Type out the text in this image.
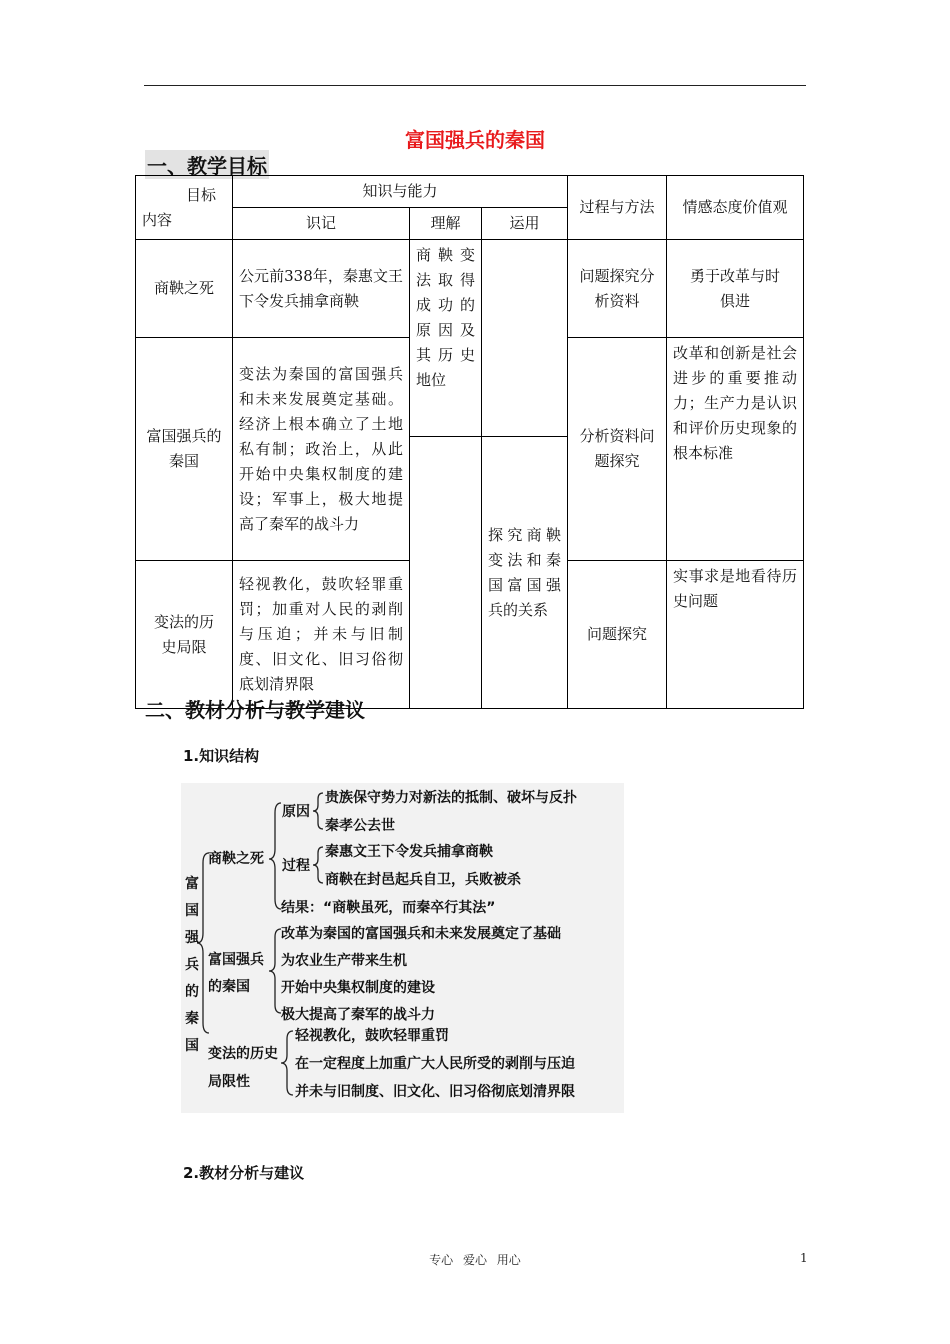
富国强兵的秦国
一、教学目标
目标
内容	知识与能力			过程与方法	情感态度价值观
	识记	理解	运用		
商鞅之死	公元前338年，秦惠文王下令发兵捕拿商鞅	商鞅变法取得成功的原因及其历史地位		问题探究分析资料	勇于改革与时俱进
富国强兵的秦国	变法为秦国的富国强兵和未来发展奠定基础。经济上根本确立了土地私有制；政治上，从此开始中央集权制度的建设；军事上，极大地提高了秦军的战斗力			分析资料问题探究	改革和创新是社会进步的重要推动力；生产力是认识和评价历史现象的根本标准
			探究商鞅变法和秦国富国强兵的关系		
变法的历史局限	轻视教化，鼓吹轻罪重罚；加重对人民的剥削与压迫；并未与旧制度、旧文化、旧习俗彻底划清界限			问题探究	实事求是地看待历史问题
二、教材分析与教学建议
1.知识结构
富国强兵的秦国
商鞅之死
原因
贵族保守势力对新法的抵制、破坏与反扑
秦孝公去世
过程
秦惠文王下令发兵捕拿商鞅
商鞅在封邑起兵自卫，兵败被杀
结果：“商鞅虽死，而秦卒行其法”
富国强兵
的秦国
改革为秦国的富国强兵和未来发展奠定了基础
为农业生产带来生机
开始中央集权制度的建设
极大提高了秦军的战斗力
变法的历史
局限性
轻视教化，鼓吹轻罪重罚
在一定程度上加重广大人民所受的剥削与压迫
并未与旧制度、旧文化、旧习俗彻底划清界限
2.教材分析与建议
专心 爱心 用心	1
